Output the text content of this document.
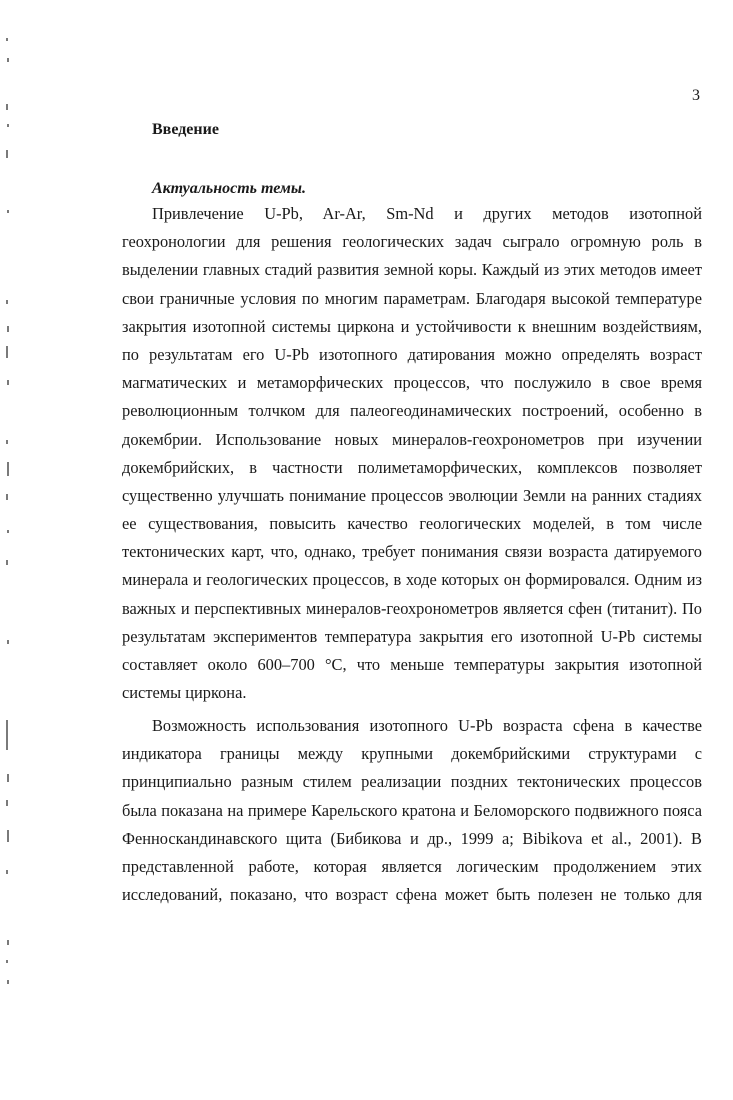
3
Введение
Актуальность темы.
Привлечение U-Pb, Ar-Ar, Sm-Nd и других методов изотопной
геохронологии для решения геологических задач сыграло огромную роль в
выделении главных стадий развития земной коры. Каждый из этих методов имеет
свои граничные условия по многим параметрам. Благодаря высокой температуре
закрытия изотопной системы циркона и устойчивости к внешним воздействиям,
по результатам его U-Pb изотопного датирования можно определять возраст
магматических и метаморфических процессов, что послужило в свое время
революционным толчком для палеогеодинамических построений, особенно в
докембрии. Использование новых минералов-геохронометров при изучении
докембрийских, в частности полиметаморфических, комплексов позволяет
существенно улучшать понимание процессов эволюции Земли на ранних стадиях
ее существования, повысить качество геологических моделей, в том числе
тектонических карт, что, однако, требует понимания связи возраста датируемого
минерала и геологических процессов, в ходе которых он формировался. Одним из
важных и перспективных минералов-геохронометров является сфен (титанит). По
результатам экспериментов температура закрытия его изотопной U-Pb системы
составляет около 600–700 °С, что меньше температуры закрытия изотопной
системы циркона.
Возможность использования изотопного U-Pb возраста сфена в качестве
индикатора границы между крупными докембрийскими структурами с
принципиально разным стилем реализации поздних тектонических процессов
была показана на примере Карельского кратона и Беломорского подвижного пояса
Фенноскандинавского щита (Бибикова и др., 1999 а; Bibikova et al., 2001). В
представленной работе, которая является логическим продолжением этих
исследований, показано, что возраст сфена может быть полезен не только для
